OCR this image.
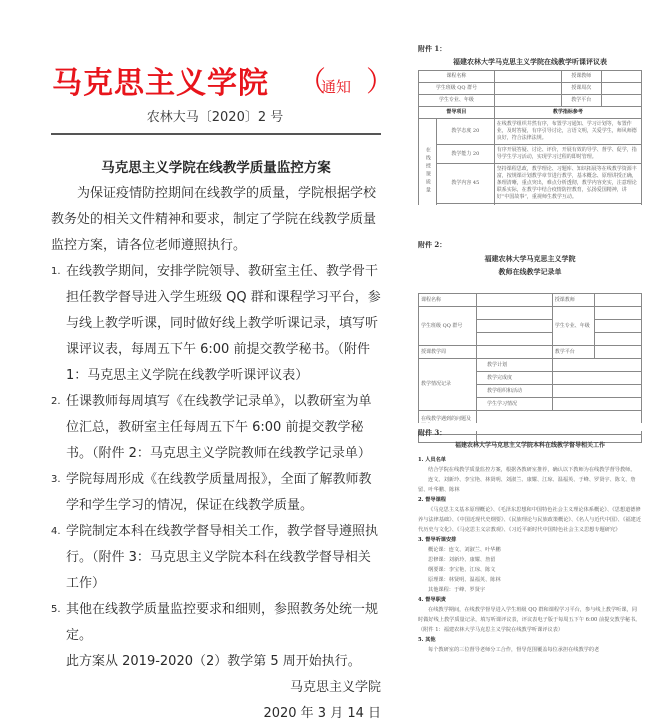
马克思主义学院 （
通知 ）
农林大马〔2020〕2 号
马克思主义学院在线教学质量监控方案
为保证疫情防控期间在线教学的质量，学院根据学校教务处的相关文件精神和要求，制定了学院在线教学质量监控方案，请各位老师遵照执行。
1. 在线教学期间，安排学院领导、教研室主任、教学骨干担任教学督导进入学生班级 QQ 群和课程学习平台，参与线上教学听课，同时做好线上教学听课记录，填写听课评议表，每周五下午 6:00 前提交教学秘书。（附件 1：马克思主义学院在线教学听课评议表）
2. 任课教师每周填写《在线教学记录单》，以教研室为单位汇总，教研室主任每周五下午 6:00 前提交教学秘书。（附件 2：马克思主义学院教师在线教学记录单）
3. 学院每周形成《在线教学质量周报》，全面了解教师教学和学生学习的情况，保证在线教学质量。
4. 学院制定本科在线教学督导相关工作，教学督导遵照执行。（附件 3：马克思主义学院本科在线教学督导相关工作）
5. 其他在线教学质量监控要求和细则，参照教务处统一规定。
此方案从 2019-2020（2）教学第 5 周开始执行。
马克思主义学院
2020 年 3 月 14 日
附件 1：
福建农林大学马克思主义学院在线教学听课评议表
课程名称			授课教师	
学生班级 QQ 群号			授课周次	
学生专业、年级			教学平台	
督导项目		教学指标参考		
在线授课质量	教学态度 20	在线教学组织井然有序，布置学习通知、学习计划等，布置作业，及时答疑，有序引导讨论，言语文明，关爱学生，师风师德良好，符合法律法规。		
	教学能力 20	有序开展答疑、讨论、评价，开展有效的导学、督学、促学，指导学生学习活动，实现学习过程的即时管理。		
	教学内容 45	坚持课程思政，教学理论、习题库、知识拓展等在线教学资源丰富，按规课计划教学章节进行教学，基本概念、原理讲授正确，条理清晰，重点突出，难点分析透彻，教学内容充实，注意理论联系实际，在教学中结合疫情防控教育，弘扬爱国精神，讲好“中国故事”，重视师生教学互动。		

附件 2：
福建农林大学马克思主义学院
教师在线教学记录单
课程名称		授课教师	
学生班级 QQ 群号		学生专业、年级	

授课教学周		教学平台	
教学情况记录	教学计划		
	教学完成度		
	教学组织和活动		
	学生学习情况		
在线教学遇到的问题及			

附件 3：
福建农林大学马克思主义学院本科在线教学督导相关工作
1. 人员名单
结合学院在线教学质量监控方案，根据各教研室推荐，确认以下教师为在线教学督导教师。
连文、刘新玲、李宝艳、林贤明、刘淑兰、康耀、江琼、温福英、于峰、罗贤宇、陈文、詹留、叶华鹏、陈林
2. 督导课程
《马克思主义基本原理概论》、《毛泽东思想和中国特色社会主义理论体系概论》、《思想道德修养与法律基础》、《中国近现代史纲要》、《民族理论与民族政策概论》、《名人与近代中国》、《福建近代历史与文化》、《马克思主义宗教观》、《习近平新时代中国特色社会主义思想专题研究》
3. 督导听课安排
概论课：连文、刘淑兰、叶华鹏
思修课：刘新玲、康耀、詹留
纲要课：李宝艳、江琼、陈文
原理课：林贤明、温福英、陈林
其他课程：于峰、罗贤宇
4. 督导职责
在线教学期间，在线教学督导进入学生班级 QQ 群和课程学习平台，参与线上教学听课，同时做好线上教学质量记录，填写听课评议表，评议表电子版于每周五下午 6:00 前提交教学秘书。（附件 1：福建农林大学马克思主义学院在线教学听课评议表）
5. 其他
每个教研室的三位督导老师分工合作，督导范围覆盖每位承担在线教学的老
